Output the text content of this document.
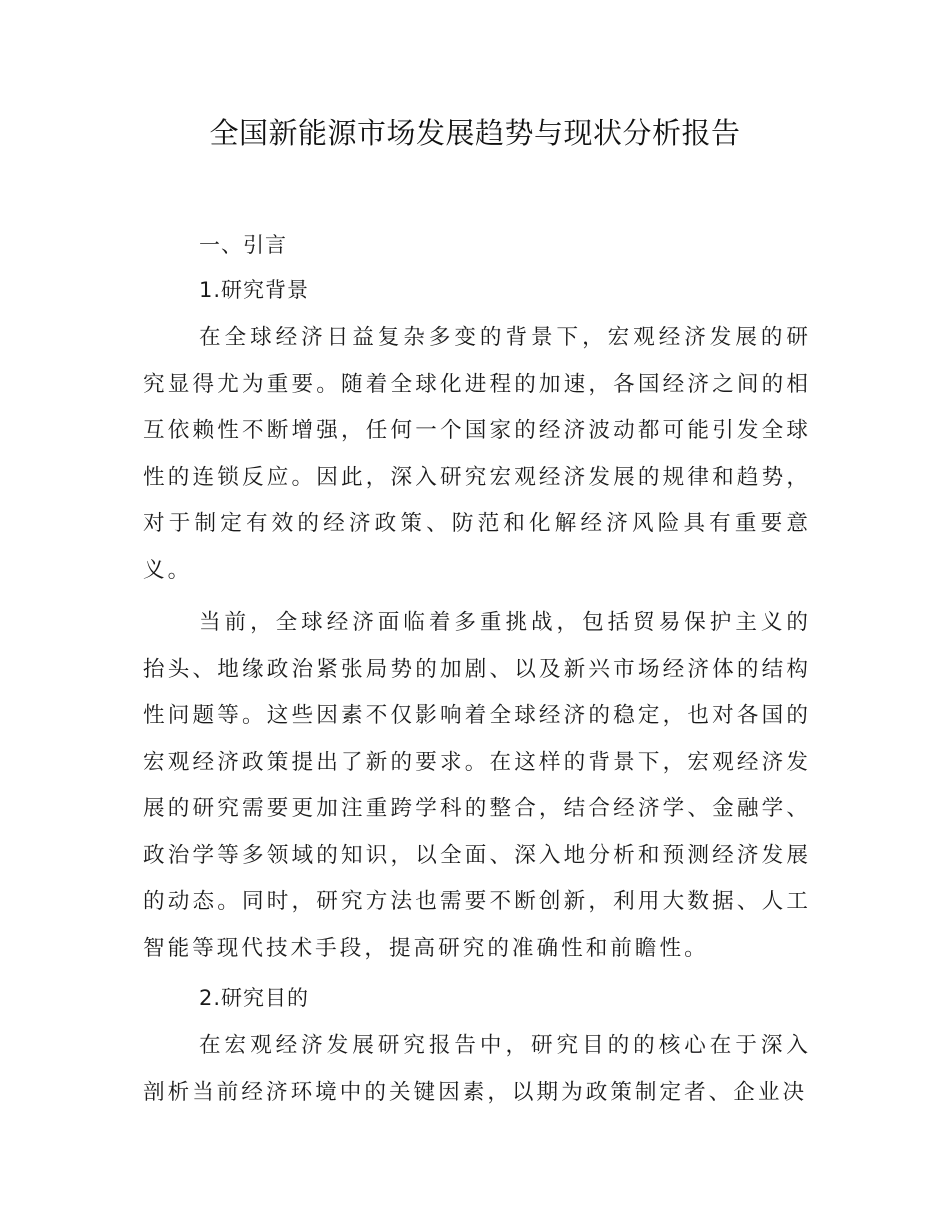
全国新能源市场发展趋势与现状分析报告
一、引言
1.研究背景

在全球经济日益复杂多变的背景下，宏观经济发展的研究显得尤为重要。随着全球化进程的加速，各国经济之间的相互依赖性不断增强，任何一个国家的经济波动都可能引发全球性的连锁反应。因此，深入研究宏观经济发展的规律和趋势，对于制定有效的经济政策、防范和化解经济风险具有重要意义。

当前，全球经济面临着多重挑战，包括贸易保护主义的抬头、地缘政治紧张局势的加剧、以及新兴市场经济体的结构性问题等。这些因素不仅影响着全球经济的稳定，也对各国的宏观经济政策提出了新的要求。在这样的背景下，宏观经济发展的研究需要更加注重跨学科的整合，结合经济学、金融学、政治学等多领域的知识，以全面、深入地分析和预测经济发展的动态。同时，研究方法也需要不断创新，利用大数据、人工智能等现代技术手段，提高研究的准确性和前瞻性。

2.研究目的

在宏观经济发展研究报告中，研究目的的核心在于深入剖析当前经济环境中的关键因素，以期为政策制定者、企业决
